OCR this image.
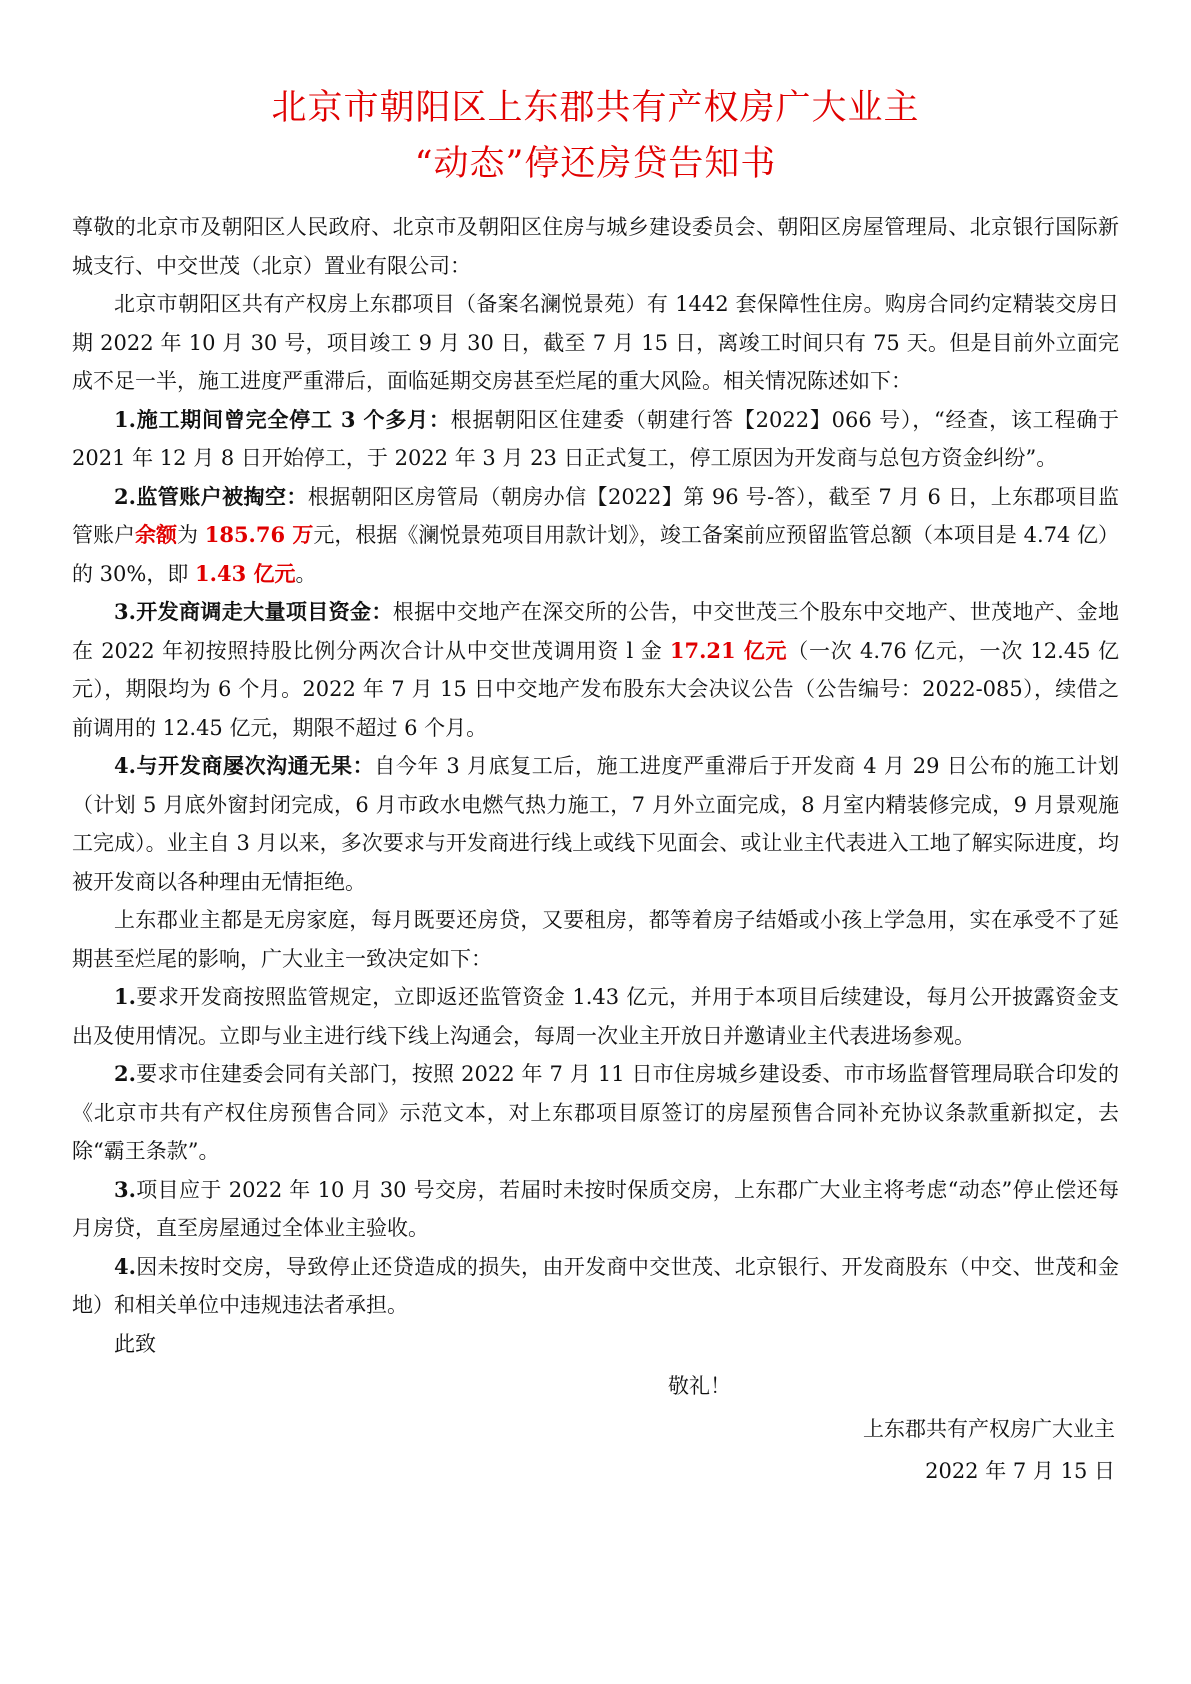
北京市朝阳区上东郡共有产权房广大业主
“动态”停还房贷告知书

尊敬的北京市及朝阳区人民政府、北京市及朝阳区住房与城乡建设委员会、朝阳区房屋管理局、北京银行国际新城支行、中交世茂（北京）置业有限公司：

北京市朝阳区共有产权房上东郡项目（备案名澜悦景苑）有 1442 套保障性住房。购房合同约定精装交房日期 2022 年 10 月 30 号，项目竣工 9 月 30 日，截至 7 月 15 日，离竣工时间只有 75 天。但是目前外立面完成不足一半，施工进度严重滞后，面临延期交房甚至烂尾的重大风险。相关情况陈述如下：

1.施工期间曾完全停工 3 个多月：根据朝阳区住建委（朝建行答【2022】066 号），“经查，该工程确于 2021 年 12 月 8 日开始停工，于 2022 年 3 月 23 日正式复工，停工原因为开发商与总包方资金纠纷”。

2.监管账户被掏空：根据朝阳区房管局（朝房办信【2022】第 96 号-答），截至 7 月 6 日，上东郡项目监管账户余额为 185.76 万元，根据《澜悦景苑项目用款计划》，竣工备案前应预留监管总额（本项目是 4.74 亿）的 30%，即 1.43 亿元。

3.开发商调走大量项目资金：根据中交地产在深交所的公告，中交世茂三个股东中交地产、世茂地产、金地在 2022 年初按照持股比例分两次合计从中交世茂调用资 l 金 17.21 亿元（一次 4.76 亿元，一次 12.45 亿元），期限均为 6 个月。2022 年 7 月 15 日中交地产发布股东大会决议公告（公告编号：2022-085），续借之前调用的 12.45 亿元，期限不超过 6 个月。

4.与开发商屡次沟通无果：自今年 3 月底复工后，施工进度严重滞后于开发商 4 月 29 日公布的施工计划（计划 5 月底外窗封闭完成，6 月市政水电燃气热力施工，7 月外立面完成，8 月室内精装修完成，9 月景观施工完成）。业主自 3 月以来，多次要求与开发商进行线上或线下见面会、或让业主代表进入工地了解实际进度，均被开发商以各种理由无情拒绝。

上东郡业主都是无房家庭，每月既要还房贷，又要租房，都等着房子结婚或小孩上学急用，实在承受不了延期甚至烂尾的影响，广大业主一致决定如下：

1.要求开发商按照监管规定，立即返还监管资金 1.43 亿元，并用于本项目后续建设，每月公开披露资金支出及使用情况。立即与业主进行线下线上沟通会，每周一次业主开放日并邀请业主代表进场参观。

2.要求市住建委会同有关部门，按照 2022 年 7 月 11 日市住房城乡建设委、市市场监督管理局联合印发的《北京市共有产权住房预售合同》示范文本，对上东郡项目原签订的房屋预售合同补充协议条款重新拟定，去除“霸王条款”。

3.项目应于 2022 年 10 月 30 号交房，若届时未按时保质交房，上东郡广大业主将考虑“动态”停止偿还每月房贷，直至房屋通过全体业主验收。

4.因未按时交房，导致停止还贷造成的损失，由开发商中交世茂、北京银行、开发商股东（中交、世茂和金地）和相关单位中违规违法者承担。

此致

敬礼！

上东郡共有产权房广大业主

2022 年 7 月 15 日
